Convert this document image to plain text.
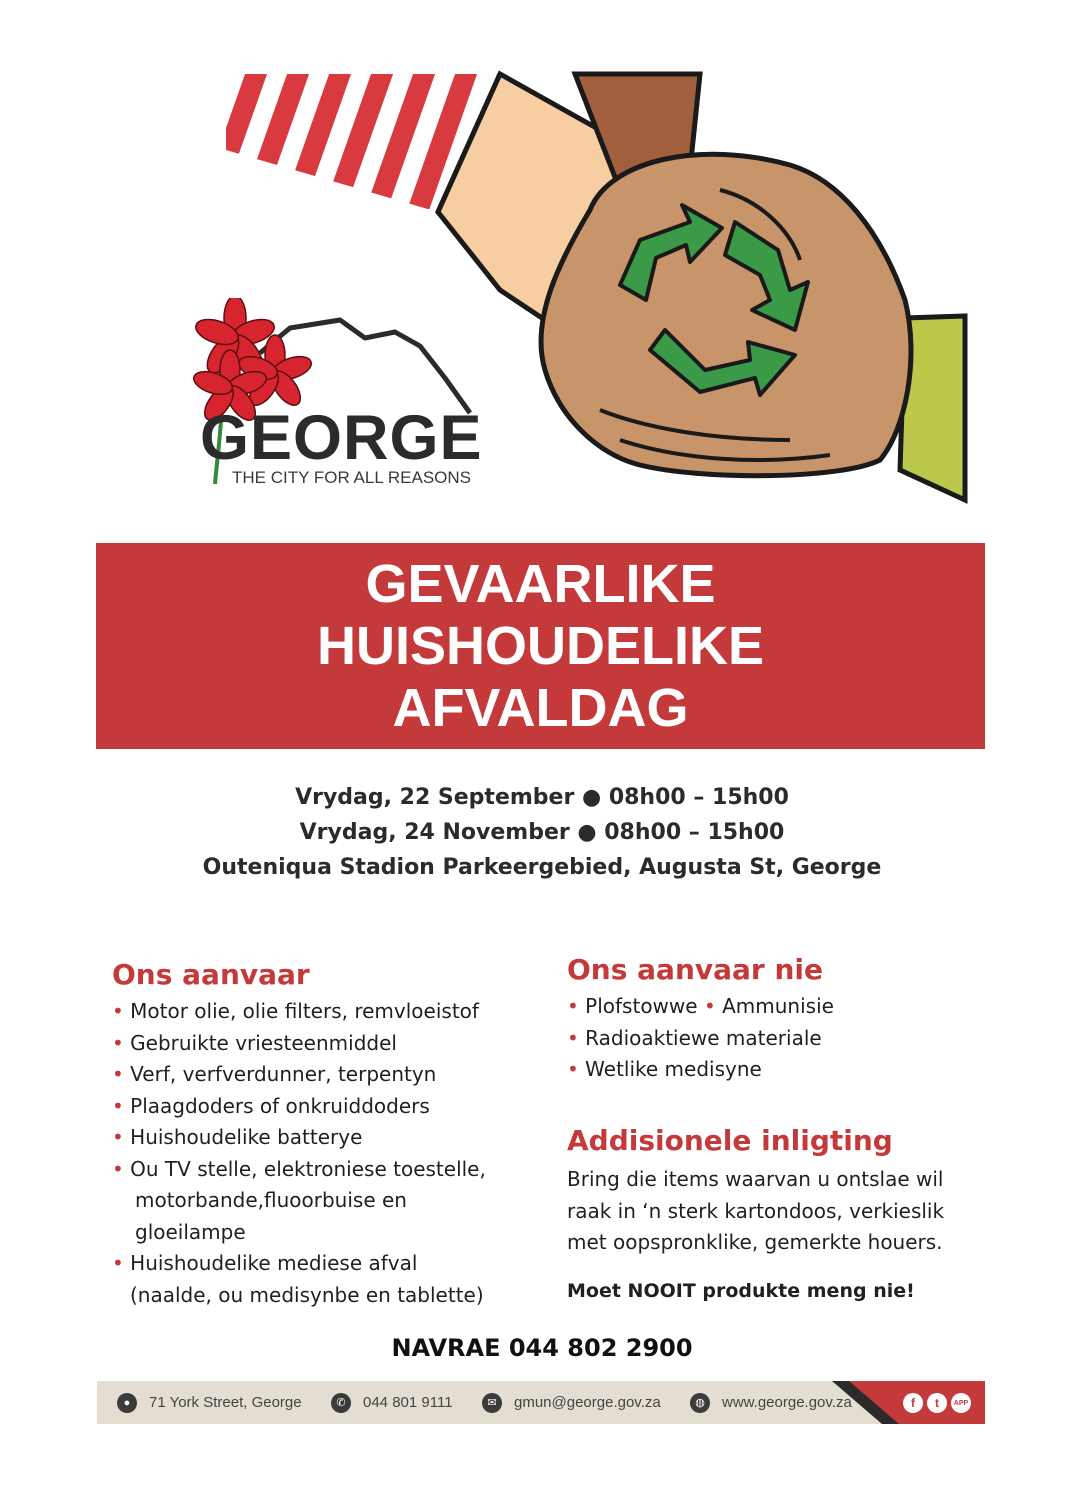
GEORGE
THE CITY FOR ALL REASONS
GEVAARLIKE
HUISHOUDELIKE
AFVALDAG
Vrydag, 22 September ● 08h00 – 15h00
Vrydag, 24 November ● 08h00 – 15h00
Outeniqua Stadion Parkeergebied, Augusta St, George
Ons aanvaar
• Motor olie, olie filters, remvloeistof
• Gebruikte vriesteenmiddel
• Verf, verfverdunner, terpentyn
• Plaagdoders of onkruiddoders
• Huishoudelike batterye
• Ou TV stelle, elektroniese toestelle,
motorbande,fluoorbuise en
gloeilampe
• Huishoudelike mediese afval
(naalde, ou medisynbe en tablette)
Ons aanvaar nie
• Plofstowwe • Ammunisie
• Radioaktiewe materiale
• Wetlike medisyne
Addisionele inligting

Bring die items waarvan u ontslae wil

raak in ‘n sterk kartondoos, verkieslik

met oopspronklike, gemerkte houers.

Moet NOOIT produkte meng nie!

NAVRAE 044 802 2900
●	71 York Street, George	✆	044 801 9111	✉	gmun@george.gov.za	◍	www.george.gov.za	f	t	APP
